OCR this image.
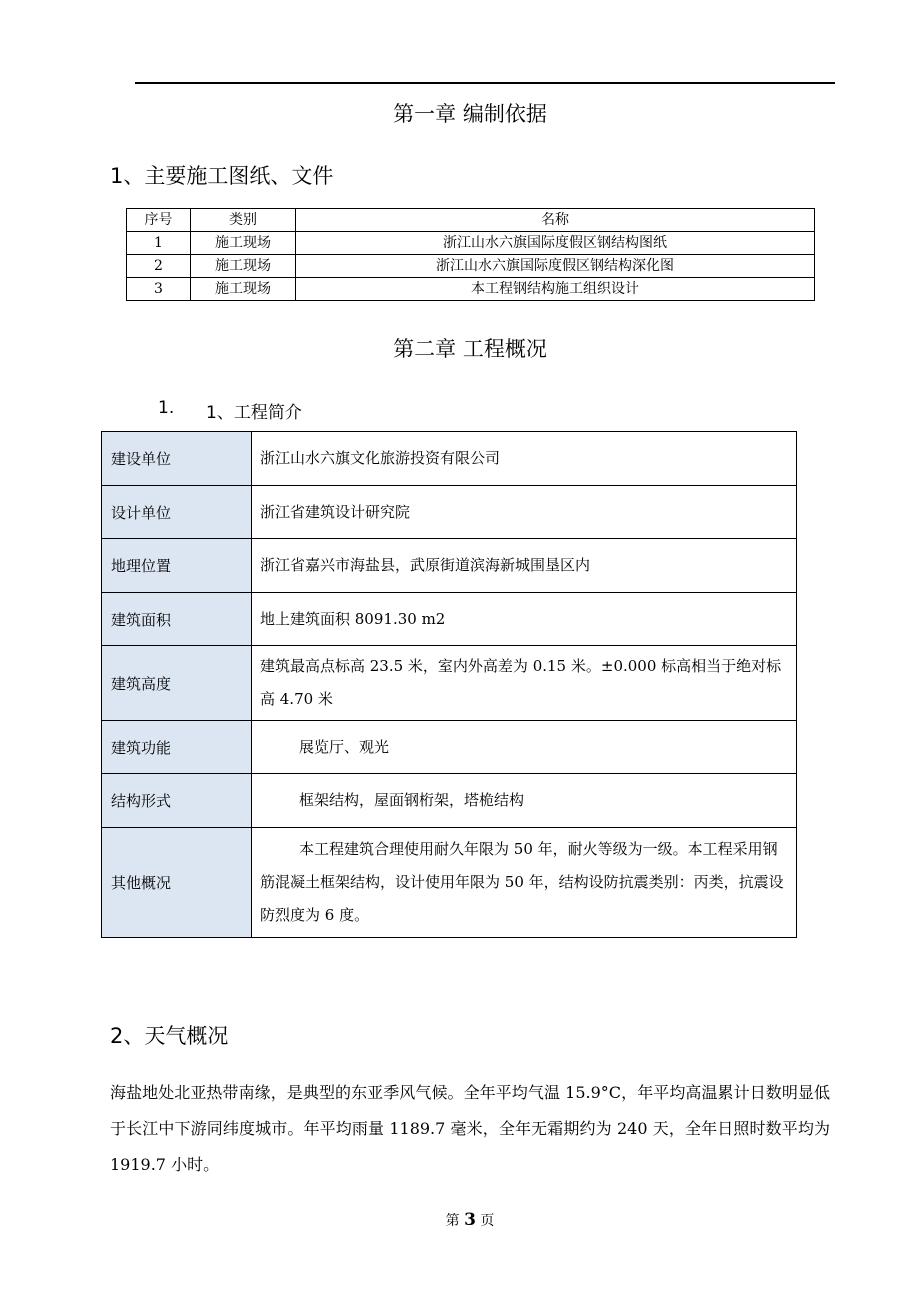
第一章 编制依据
1、主要施工图纸、文件
序号	类别	名称
1	施工现场	浙江山水六旗国际度假区钢结构图纸
2	施工现场	浙江山水六旗国际度假区钢结构深化图
3	施工现场	本工程钢结构施工组织设计
第二章 工程概况
1. 1、工程简介
建设单位	浙江山水六旗文化旅游投资有限公司
设计单位	浙江省建筑设计研究院
地理位置	浙江省嘉兴市海盐县，武原街道滨海新城围垦区内
建筑面积	地上建筑面积 8091.30 m2
建筑高度	建筑最高点标高 23.5 米，室内外高差为 0.15 米。±0.000 标高相当于绝对标高 4.70 米
建筑功能	展览厅、观光
结构形式	框架结构，屋面钢桁架，塔桅结构
其他概况	本工程建筑合理使用耐久年限为 50 年，耐火等级为一级。本工程采用钢筋混凝土框架结构，设计使用年限为 50 年，结构设防抗震类别：丙类，抗震设防烈度为 6 度。
2、天气概况
海盐地处北亚热带南缘，是典型的东亚季风气候。全年平均气温 15.9°C，年平均高温累计日数明显低于长江中下游同纬度城市。年平均雨量 1189.7 毫米，全年无霜期约为 240 天，全年日照时数平均为 1919.7 小时。
第 3 页
